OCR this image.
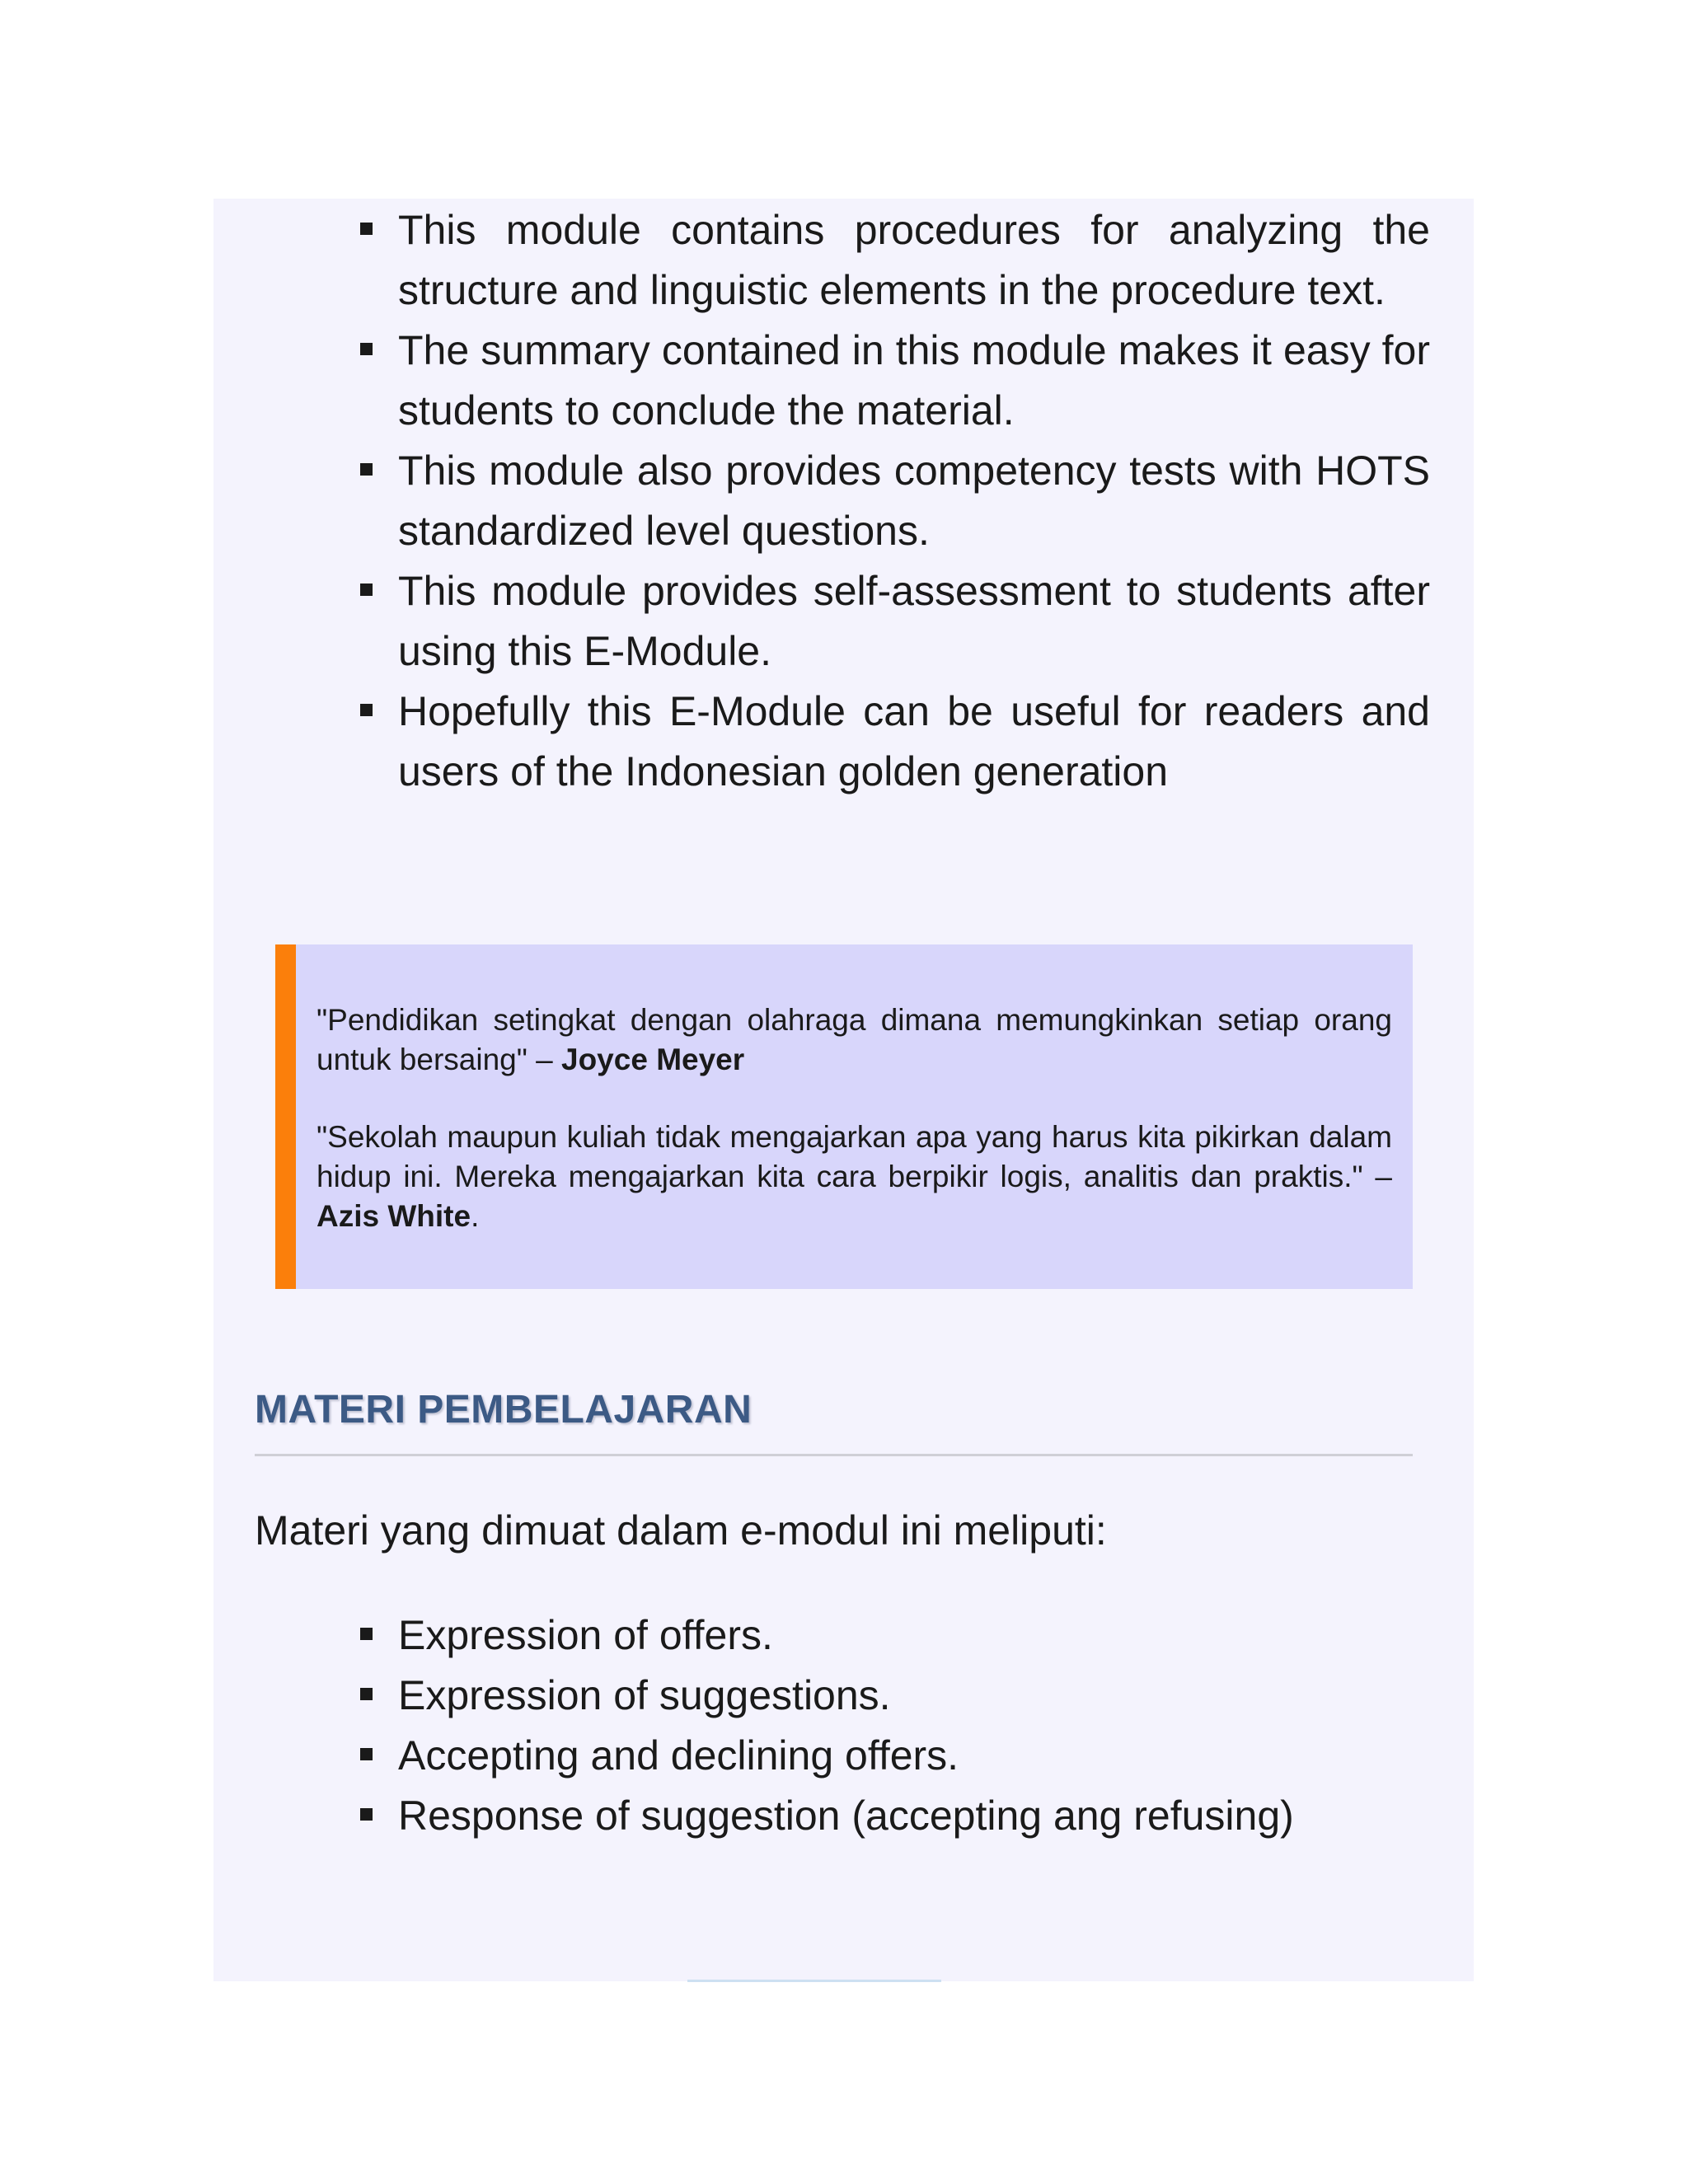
This module contains procedures for analyzing the structure and linguistic elements in the procedure text.
The summary contained in this module makes it easy for students to conclude the material.
This module also provides competency tests with HOTS standardized level questions.
This module provides self-assessment to students after using this E-Module.
Hopefully this E-Module can be useful for readers and users of the Indonesian golden generation

"Pendidikan setingkat dengan olahraga dimana memungkinkan setiap orang untuk bersaing" – Joyce Meyer

"Sekolah maupun kuliah tidak mengajarkan apa yang harus kita pikirkan dalam hidup ini. Mereka mengajarkan kita cara berpikir logis, analitis dan praktis." – Azis White.

MATERI PEMBELAJARAN

Materi yang dimuat dalam e-modul ini meliputi:

Expression of offers.
Expression of suggestions.
Accepting and declining offers.
Response of suggestion (accepting ang refusing)
